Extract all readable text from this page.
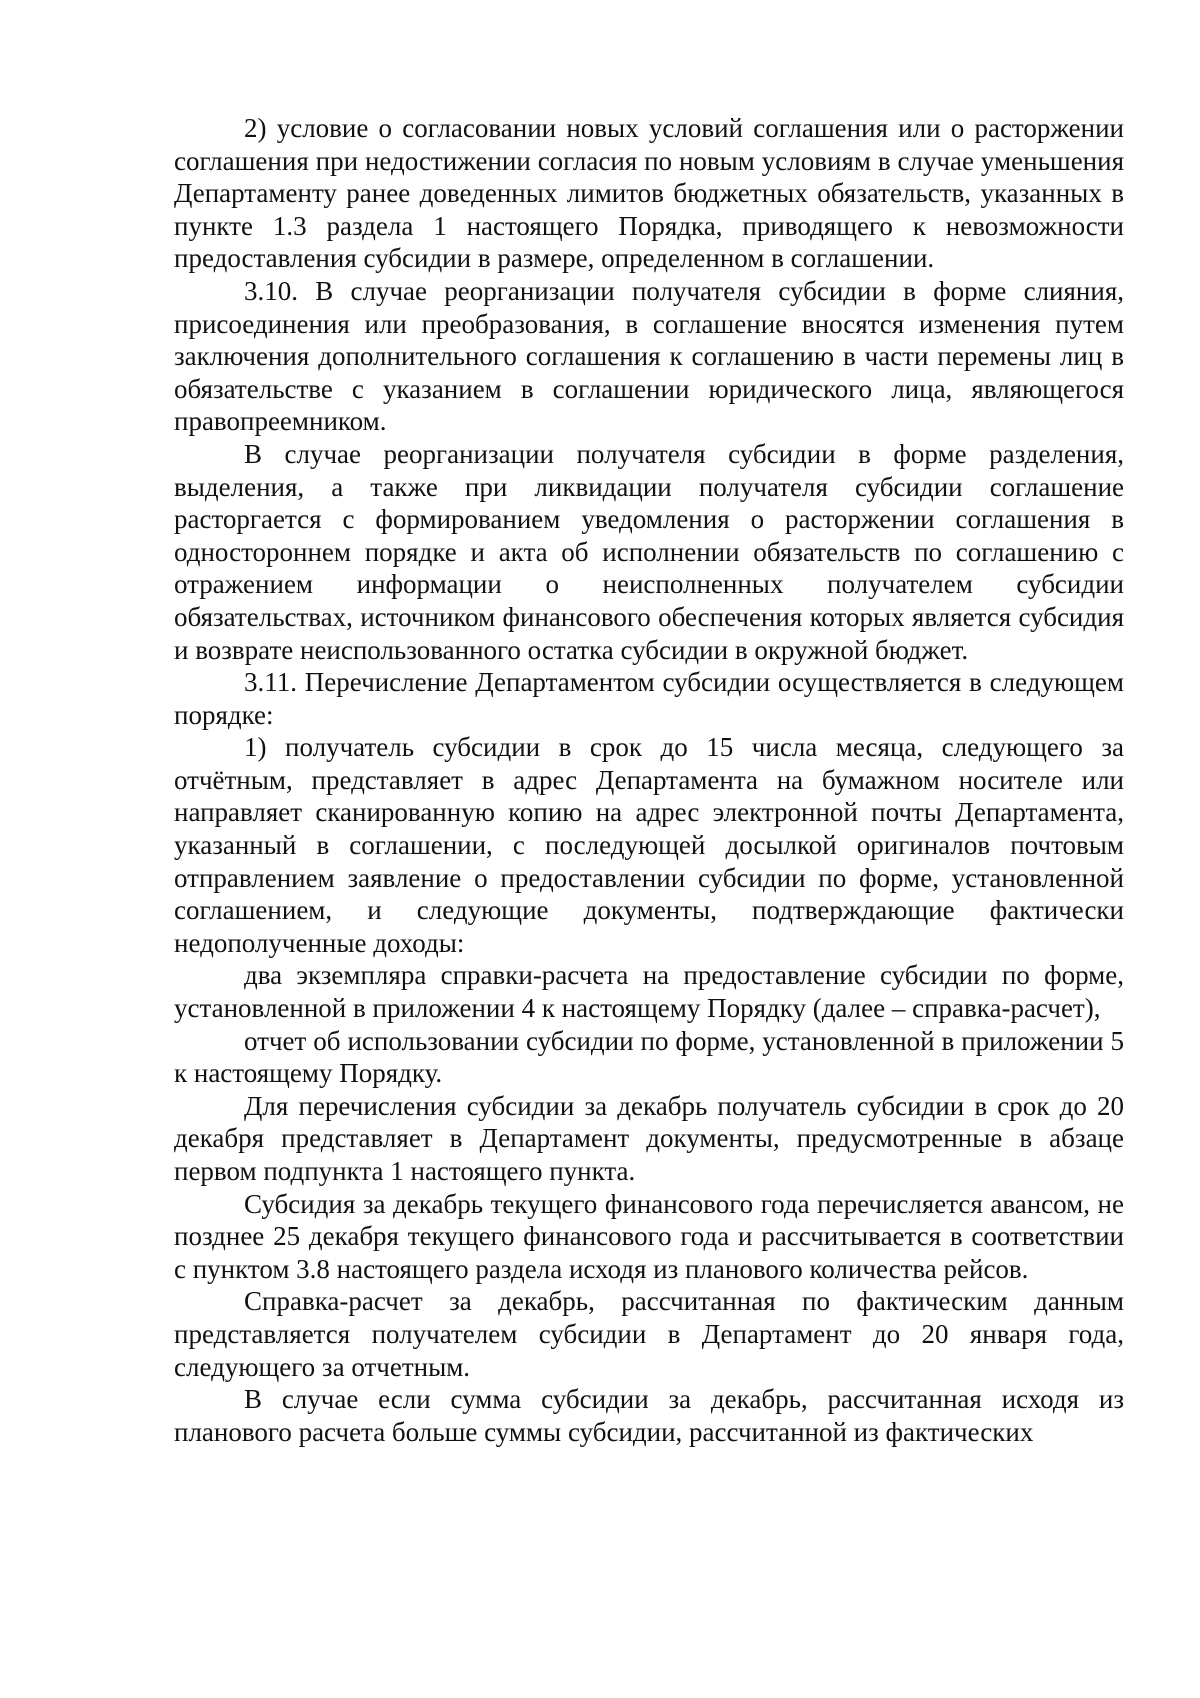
2) условие о согласовании новых условий соглашения или о расторжении соглашения при недостижении согласия по новым условиям в случае уменьшения Департаменту ранее доведенных лимитов бюджетных обязательств, указанных в пункте 1.3 раздела 1 настоящего Порядка, приводящего к невозможности предоставления субсидии в размере, определенном в соглашении.

3.10. В случае реорганизации получателя субсидии в форме слияния, присоединения или преобразования, в соглашение вносятся изменения путем заключения дополнительного соглашения к соглашению в части перемены лиц в обязательстве с указанием в соглашении юридического лица, являющегося правопреемником.

В случае реорганизации получателя субсидии в форме разделения, выделения, а также при ликвидации получателя субсидии соглашение расторгается с формированием уведомления о расторжении соглашения в одностороннем порядке и акта об исполнении обязательств по соглашению с отражением информации о неисполненных получателем субсидии обязательствах, источником финансового обеспечения которых является субсидия и возврате неиспользованного остатка субсидии в окружной бюджет.

3.11. Перечисление Департаментом субсидии осуществляется в следующем порядке:

1) получатель субсидии в срок до 15 числа месяца, следующего за отчётным, представляет в адрес Департамента на бумажном носителе или направляет сканированную копию на адрес электронной почты Департамента, указанный в соглашении, с последующей досылкой оригиналов почтовым отправлением заявление о предоставлении субсидии по форме, установленной соглашением, и следующие документы, подтверждающие фактически недополученные доходы:

два экземпляра справки-расчета на предоставление субсидии по форме, установленной в приложении 4 к настоящему Порядку (далее – справка-расчет),

отчет об использовании субсидии по форме, установленной в приложении 5 к настоящему Порядку.

Для перечисления субсидии за декабрь получатель субсидии в срок до 20 декабря представляет в Департамент документы, предусмотренные в абзаце первом подпункта 1 настоящего пункта.

Субсидия за декабрь текущего финансового года перечисляется авансом, не позднее 25 декабря текущего финансового года и рассчитывается в соответствии с пунктом 3.8 настоящего раздела исходя из планового количества рейсов.

Справка-расчет за декабрь, рассчитанная по фактическим данным представляется получателем субсидии в Департамент до 20 января года, следующего за отчетным.

В случае если сумма субсидии за декабрь, рассчитанная исходя из планового расчета больше суммы субсидии, рассчитанной из фактических
